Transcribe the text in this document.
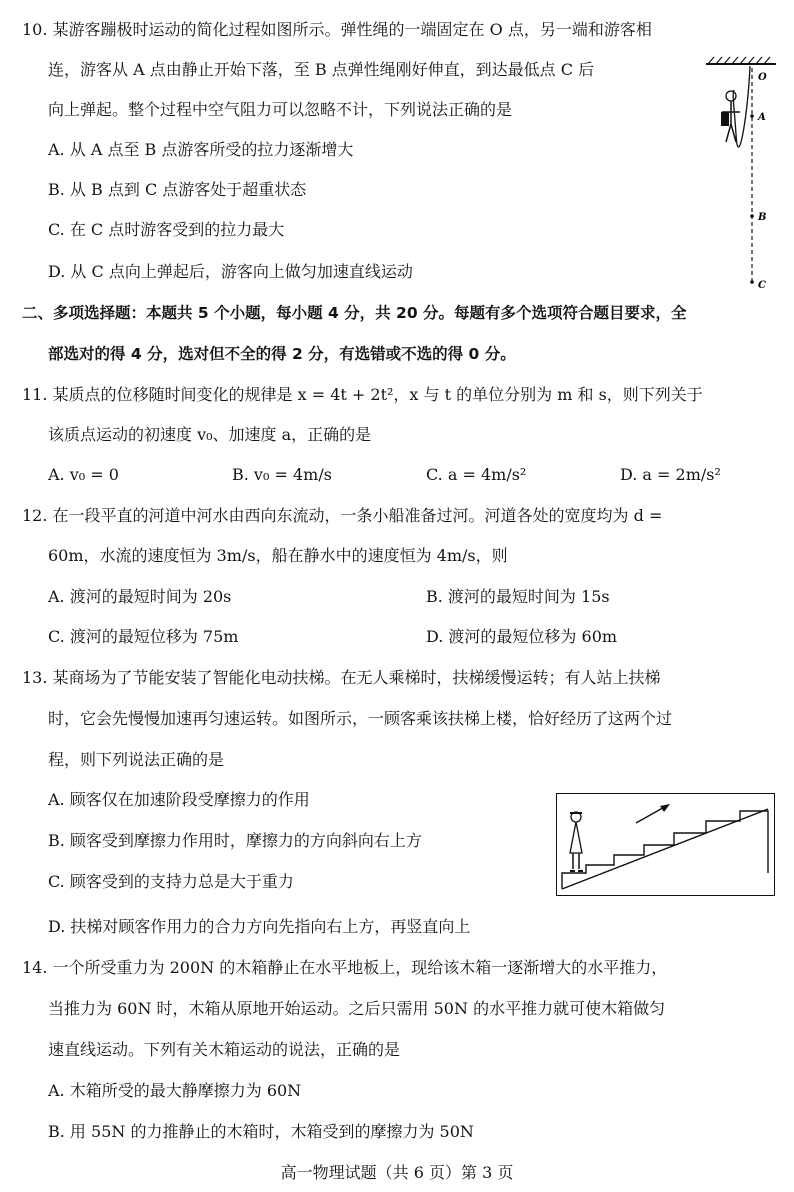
10. 某游客蹦极时运动的简化过程如图所示。弹性绳的一端固定在 O 点，另一端和游客相
连，游客从 A 点由静止开始下落，至 B 点弹性绳刚好伸直，到达最低点 C 后
向上弹起。整个过程中空气阻力可以忽略不计，下列说法正确的是
A. 从 A 点至 B 点游客所受的拉力逐渐增大
B. 从 B 点到 C 点游客处于超重状态
C. 在 C 点时游客受到的拉力最大
D. 从 C 点向上弹起后，游客向上做匀加速直线运动
O
A
B
C
二、多项选择题：本题共 5 个小题，每小题 4 分，共 20 分。每题有多个选项符合题目要求，全
部选对的得 4 分，选对但不全的得 2 分，有选错或不选的得 0 分。
11. 某质点的位移随时间变化的规律是 x = 4t + 2t²，x 与 t 的单位分别为 m 和 s，则下列关于
该质点运动的初速度 v₀、加速度 a，正确的是
A. v₀ = 0	B. v₀ = 4m/s	C. a = 4m/s²	D. a = 2m/s²
12. 在一段平直的河道中河水由西向东流动，一条小船准备过河。河道各处的宽度均为 d =
60m，水流的速度恒为 3m/s，船在静水中的速度恒为 4m/s，则
A. 渡河的最短时间为 20s	B. 渡河的最短时间为 15s
C. 渡河的最短位移为 75m	D. 渡河的最短位移为 60m
13. 某商场为了节能安装了智能化电动扶梯。在无人乘梯时，扶梯缓慢运转；有人站上扶梯
时，它会先慢慢加速再匀速运转。如图所示，一顾客乘该扶梯上楼，恰好经历了这两个过
程，则下列说法正确的是
A. 顾客仅在加速阶段受摩擦力的作用
B. 顾客受到摩擦力作用时，摩擦力的方向斜向右上方
C. 顾客受到的支持力总是大于重力
D. 扶梯对顾客作用力的合力方向先指向右上方，再竖直向上
14. 一个所受重力为 200N 的木箱静止在水平地板上，现给该木箱一逐渐增大的水平推力，
当推力为 60N 时，木箱从原地开始运动。之后只需用 50N 的水平推力就可使木箱做匀
速直线运动。下列有关木箱运动的说法，正确的是
A. 木箱所受的最大静摩擦力为 60N
B. 用 55N 的力推静止的木箱时，木箱受到的摩擦力为 50N
高一物理试题（共 6 页）第 3 页
